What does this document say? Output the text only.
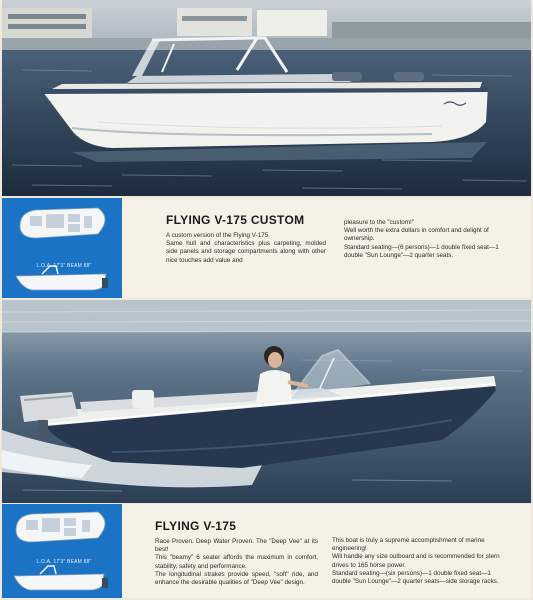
L.O.A. 17'3" BEAM 88"
FLYING V-175 CUSTOM

A custom version of the Flying V-175.

Same hull and characteristics plus carpeting, molded side panels and storage compartments along with other nice touches add value and

pleasure to the "custom!"

Well worth the extra dollars in comfort and delight of ownership.

Standard seating—(6 persons)—1 double fixed seat—1 double "Sun Lounge"—2 quarter seats.

L.O.A. 17'3" BEAM 88"
FLYING V-175

Race Proven. Deep Water Proven. The "Deep Vee" at its best!

This "beamy" 6 seater affords the maximum in comfort, stability, safety and performance.

The longitudinal strakes provide speed, "soft" ride, and enhance the desirable qualities of "Deep Vee" design.

This boat is truly a supreme accomplishment of marine engineering!

Will handle any size outboard and is recommended for stern drives to 165 horse power.

Standard seating—(six persons)—1 double fixed seat—1 double "Sun Lounge"—2 quarter seats—side storage racks.
